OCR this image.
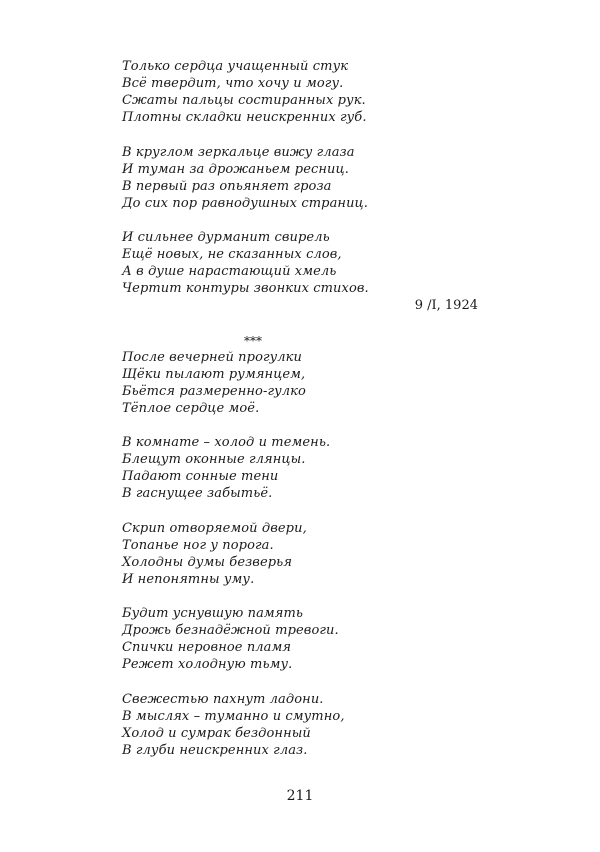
Только сердца учащенный стук
Всё твердит, что хочу и могу.
Сжаты пальцы состиранных рук.
Плотны складки неискренних губ.
В круглом зеркальце вижу глаза
И туман за дрожаньем ресниц.
В первый раз опьяняет гроза
До сих пор равнодушных страниц.
И сильнее дурманит свирель
Ещё новых, не сказанных слов,
А в душе нарастающий хмель
Чертит контуры звонких стихов.
9 /I, 1924
***
После вечерней прогулки
Щёки пылают румянцем,
Бьётся размеренно-гулко
Тёплое сердце моё.
В комнате – холод и темень.
Блещут оконные глянцы.
Падают сонные тени
В гаснущее забытьё.
Скрип отворяемой двери,
Топанье ног у порога.
Холодны думы безверья
И непонятны уму.
Будит уснувшую память
Дрожь безнадёжной тревоги.
Спички неровное пламя
Режет холодную тьму.
Свежестью пахнут ладони.
В мыслях – туманно и смутно,
Холод и сумрак бездонный
В глуби неискренних глаз.
211
